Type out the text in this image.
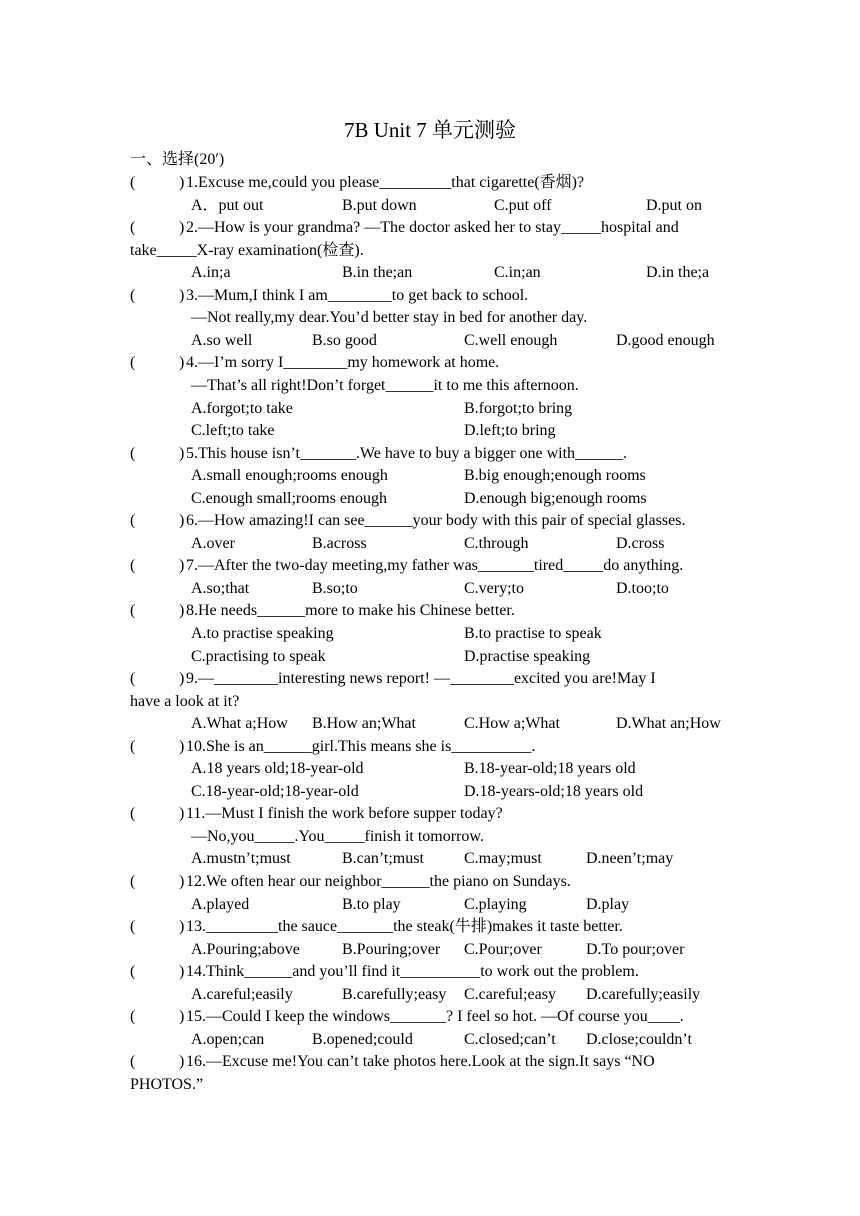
7B Unit 7 单元测验
一、选择(20′)
(	) 1.Excuse me,could you please_________that cigarette(香烟)?
A．put out	B.put down	C.put off	D.put on
(	) 2.—How is your grandma? —The doctor asked her to stay_____hospital and
take_____X-ray examination(检查).
A.in;a	B.in the;an	C.in;an	D.in the;a
(	) 3.—Mum,I think I am________to get back to school.
—Not really,my dear.You’d better stay in bed for another day.
A.so well	B.so good	C.well enough	D.good enough
(	) 4.—I’m sorry I________my homework at home.
—That’s all right!Don’t forget______it to me this afternoon.
A.forgot;to take	B.forgot;to bring
C.left;to take	D.left;to bring
(	) 5.This house isn’t_______.We have to buy a bigger one with______.
A.small enough;rooms enough	B.big enough;enough rooms
C.enough small;rooms enough	D.enough big;enough rooms
(	) 6.—How amazing!I can see______your body with this pair of special glasses.
A.over	B.across	C.through	D.cross
(	) 7.—After the two-day meeting,my father was_______tired_____do anything.
A.so;that	B.so;to	C.very;to	D.too;to
(	) 8.He needs______more to make his Chinese better.
A.to practise speaking	B.to practise to speak
C.practising to speak	D.practise speaking
(	) 9.—________interesting news report! —________excited you are!May I
have a look at it?
A.What a;How B.How an;What	C.How a;What	D.What an;How
(	) 10.She is an______girl.This means she is__________.
A.18 years old;18-year-old	B.18-year-old;18 years old
C.18-year-old;18-year-old	D.18-years-old;18 years old
(	) 11.—Must I finish the work before supper today?
—No,you_____.You_____finish it tomorrow.
A.mustn’t;must	B.can’t;must	C.may;must	D.neen’t;may
(	) 12.We often hear our neighbor______the piano on Sundays.
A.played	B.to play	C.playing	D.play
(	) 13._________the sauce_______the steak(牛排)makes it taste better.
A.Pouring;above	B.Pouring;over C.Pour;over	D.To pour;over
(	) 14.Think______and you’ll find it__________to work out the problem.
A.careful;easily	B.carefully;easy C.careful;easy D.carefully;easily
(	) 15.—Could I keep the windows_______? I feel so hot. —Of course you____.
A.open;can	B.opened;could	C.closed;can’t D.close;couldn’t
(	) 16.—Excuse me!You can’t take photos here.Look at the sign.It says “NO
PHOTOS.”
